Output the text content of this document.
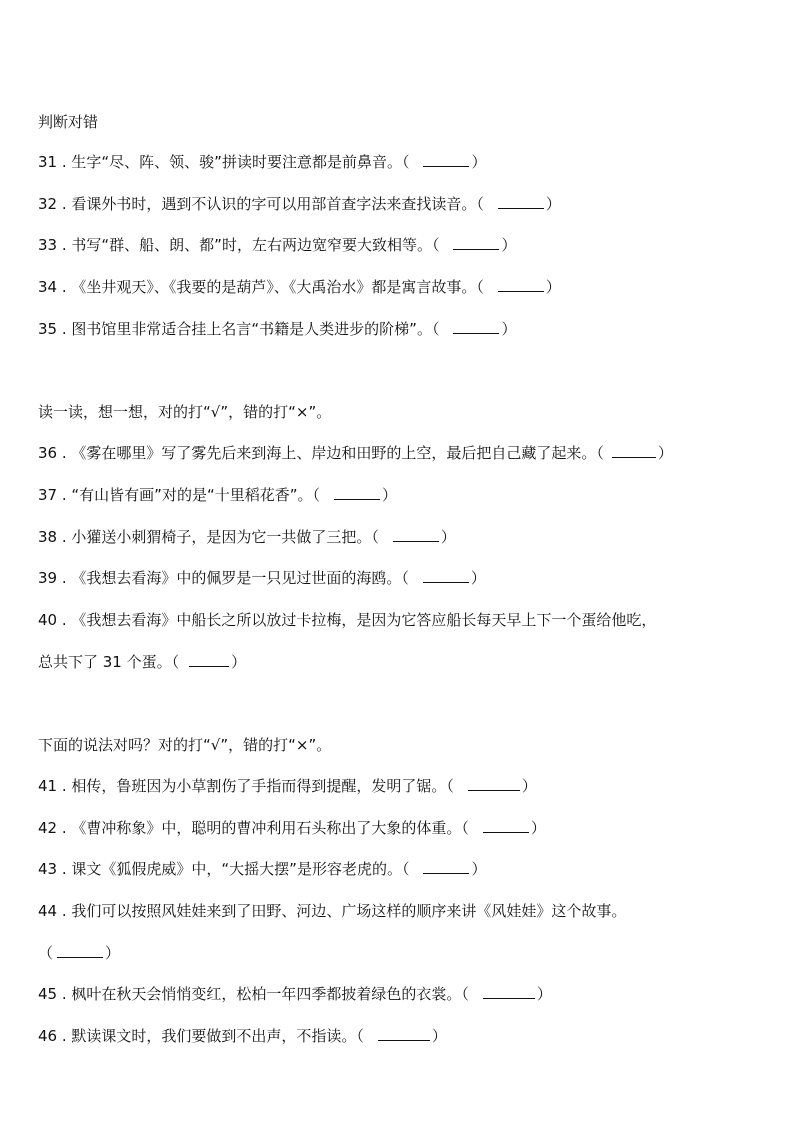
判断对错
31 . 生字“尽、阵、领、骏”拼读时要注意都是前鼻音。（	）
32 . 看课外书时，遇到不认识的字可以用部首查字法来查找读音。（	）
33 . 书写“群、船、朗、都”时，左右两边宽窄要大致相等。（	）
34 . 《坐井观天》、《我要的是葫芦》、《大禹治水》都是寓言故事。（	）
35 . 图书馆里非常适合挂上名言“书籍是人类进步的阶梯”。（	）
读一读，想一想，对的打“√”，错的打“×”。
36 . 《雾在哪里》写了雾先后来到海上、岸边和田野的上空，最后把自己藏了起来。（	）
37 . “有山皆有画”对的是“十里稻花香”。（	）
38 . 小獾送小刺猬椅子，是因为它一共做了三把。（	）
39 . 《我想去看海》中的佩罗是一只见过世面的海鸥。（	）
40 . 《我想去看海》中船长之所以放过卡拉梅，是因为它答应船长每天早上下一个蛋给他吃，
总共下了 31 个蛋。（	）
下面的说法对吗？对的打“√”，错的打“×”。
41 . 相传，鲁班因为小草割伤了手指而得到提醒，发明了锯。（	）
42 . 《曹冲称象》中，聪明的曹冲利用石头称出了大象的体重。（	）
43 . 课文《狐假虎威》中，“大摇大摆”是形容老虎的。（	）
44 . 我们可以按照风娃娃来到了田野、河边、广场这样的顺序来讲《风娃娃》这个故事。
（	）
45 . 枫叶在秋天会悄悄变红，松柏一年四季都披着绿色的衣裳。（	）
46 . 默读课文时，我们要做到不出声，不指读。（	）
